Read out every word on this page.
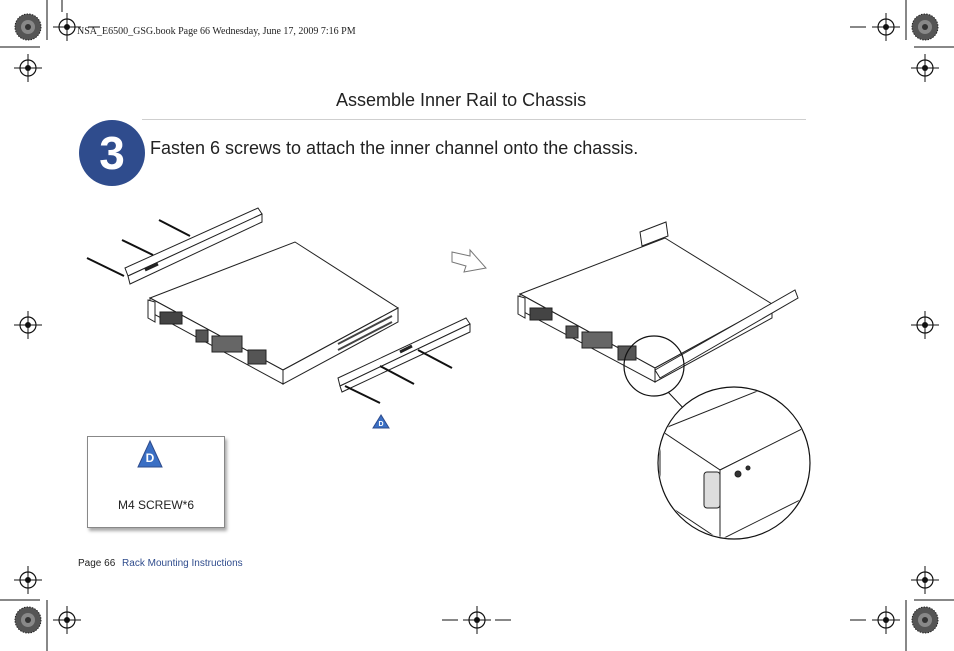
D
NSA_E6500_GSG.book Page 66 Wednesday, June 17, 2009 7:16 PM
Assemble Inner Rail to Chassis
3 Fasten 6 screws to attach the inner channel onto the chassis.
D
M4 SCREW*6
Page 66 Rack Mounting Instructions
